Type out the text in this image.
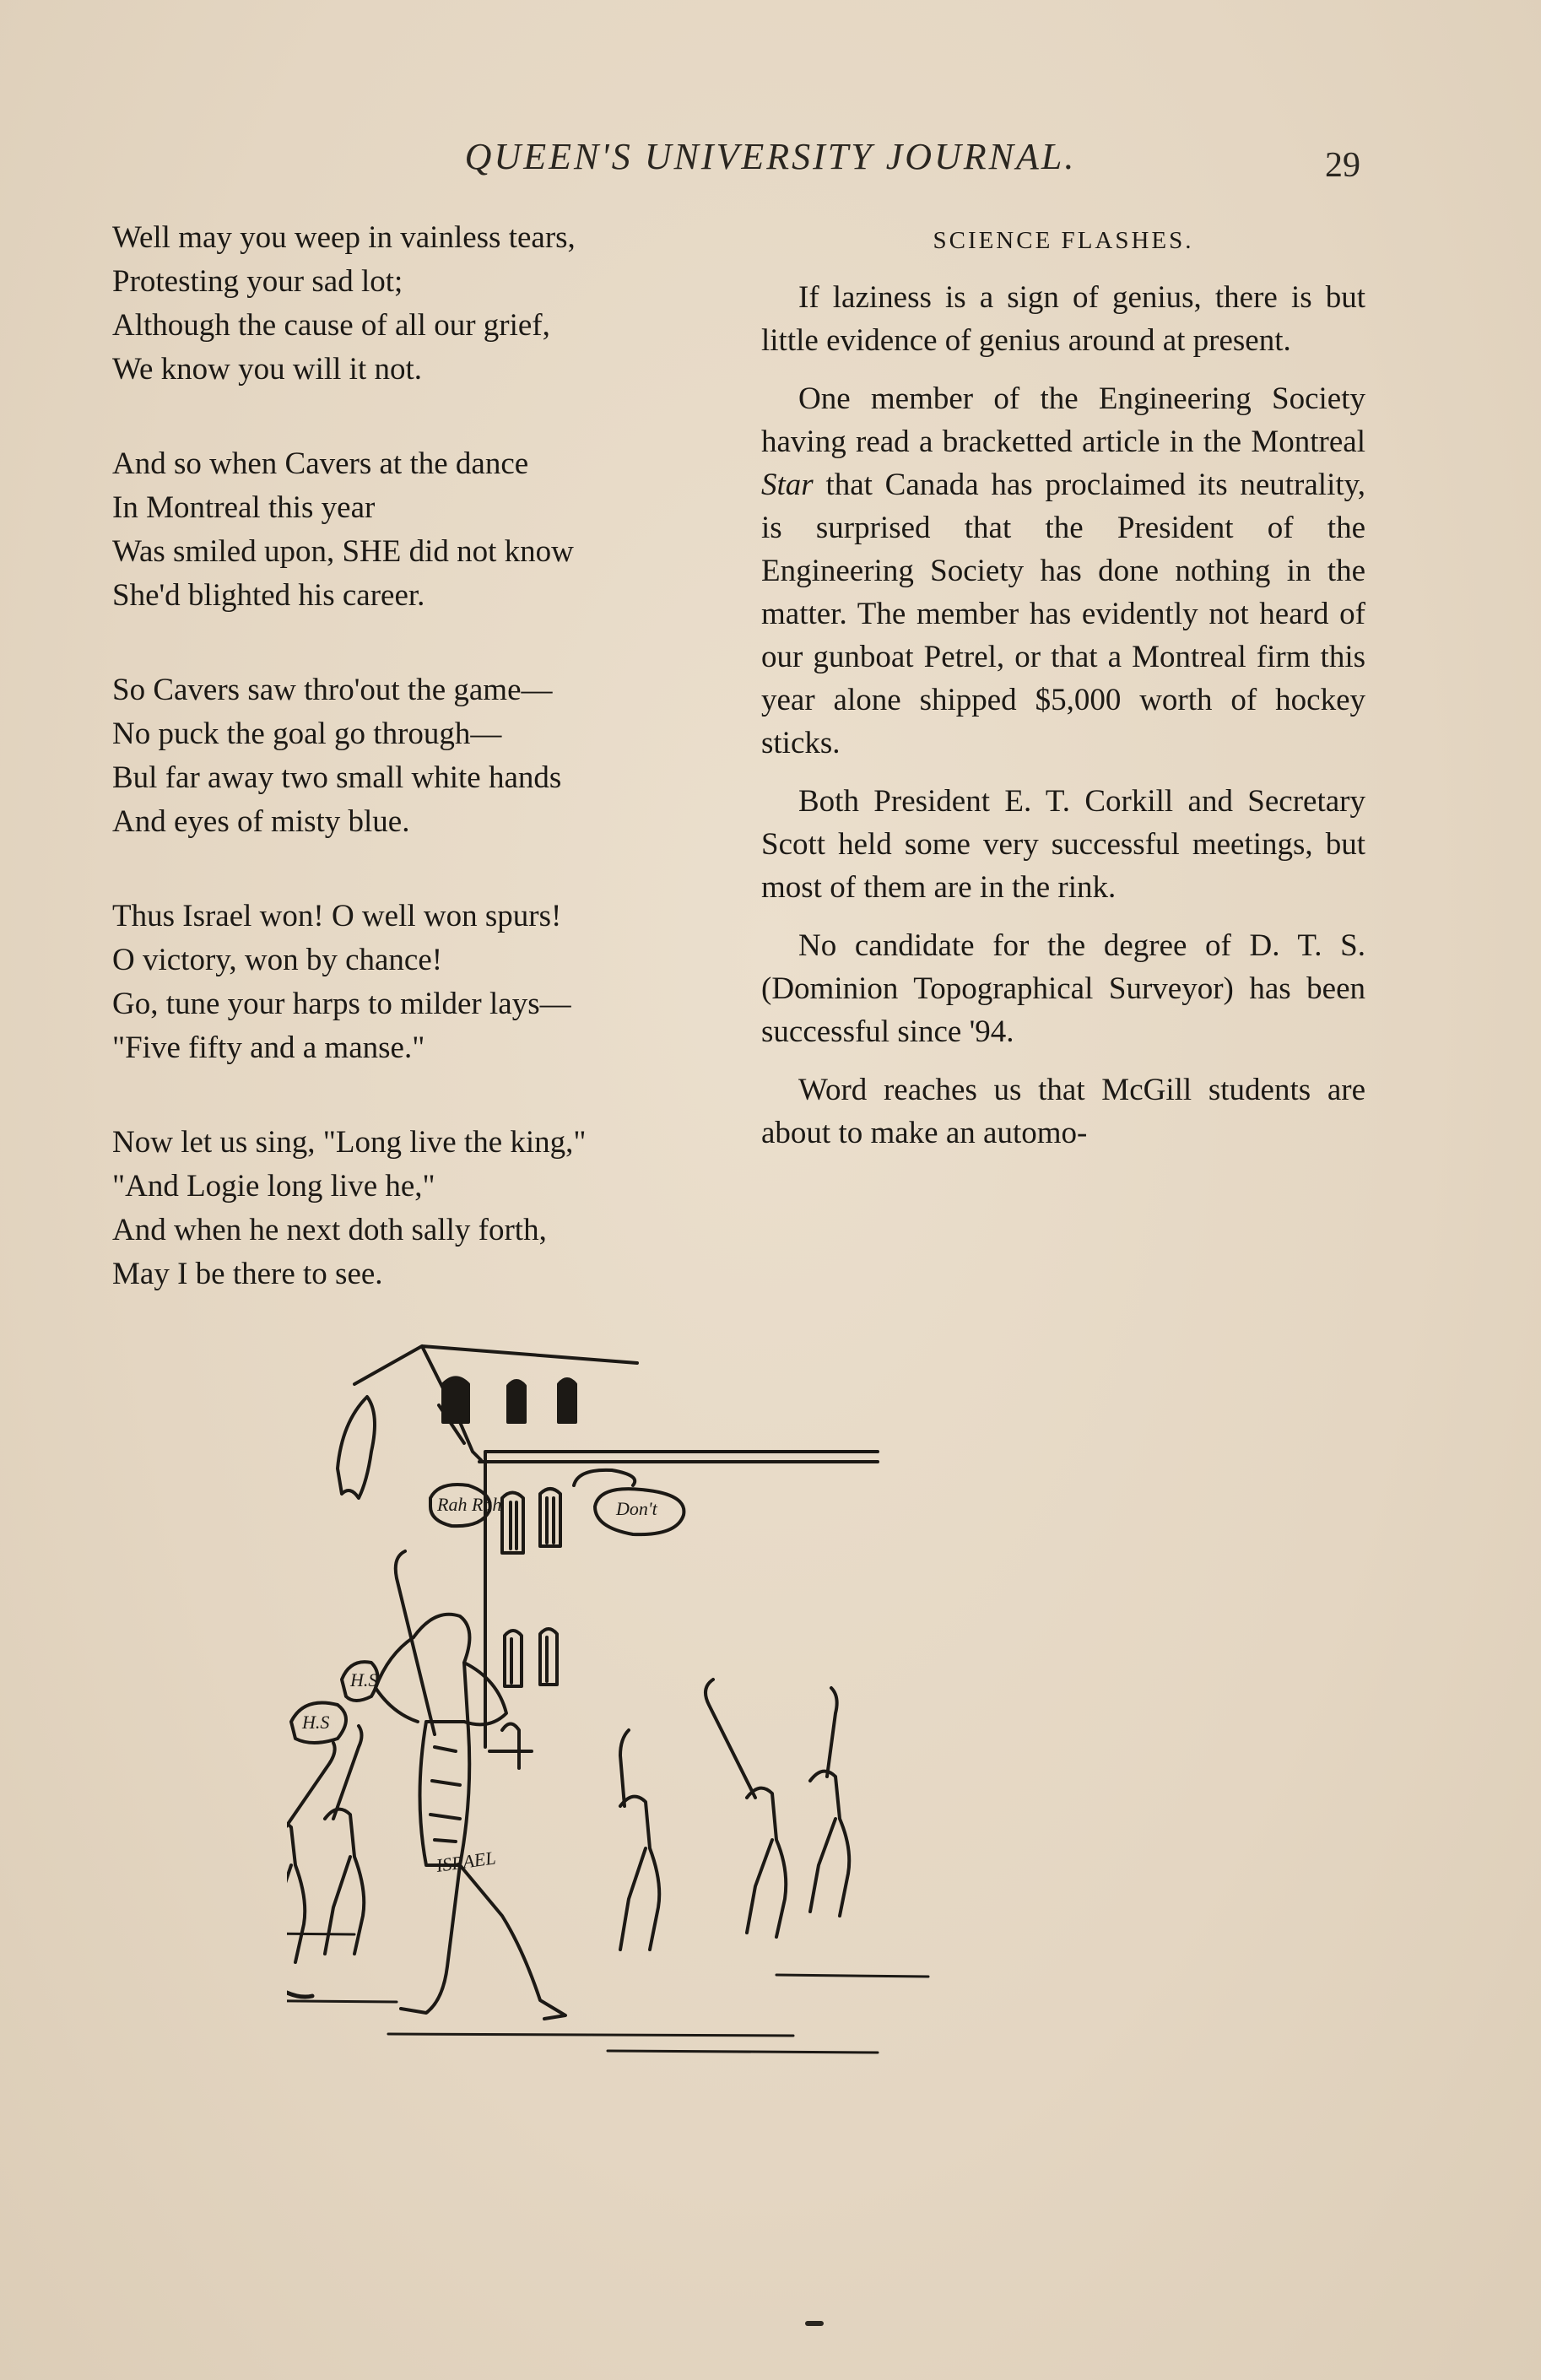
QUEEN'S UNIVERSITY JOURNAL.	29
Well may you weep in vainless tears,
Protesting your sad lot;
Although the cause of all our grief,
We know you will it not.
And so when Cavers at the dance
In Montreal this year
Was smiled upon, SHE did not know
She'd blighted his career.
So Cavers saw thro'out the game—
No puck the goal go through—
Bul far away two small white hands
And eyes of misty blue.
Thus Israel won! O well won spurs!
O victory, won by chance!
Go, tune your harps to milder lays—
"Five fifty and a manse."
Now let us sing, "Long live the king,"
"And Logie long live he,"
And when he next doth sally forth,
May I be there to see.
SCIENCE FLASHES.

If laziness is a sign of genius, there is but little evidence of genius around at present.

One member of the Engineering Society having read a bracketted article in the Montreal Star that Canada has proclaimed its neutrality, is surprised that the President of the Engineering Society has done nothing in the matter. The member has evidently not heard of our gunboat Petrel, or that a Montreal firm this year alone shipped $5,000 worth of hockey sticks.

Both President E. T. Corkill and Secretary Scott held some very successful meetings, but most of them are in the rink.

No candidate for the degree of D. T. S. (Dominion Topographical Surveyor) has been successful since '94.

Word reaches us that McGill students are about to make an automo-

ISRAEL
H.S
H.S
Rah Rah	Don't
